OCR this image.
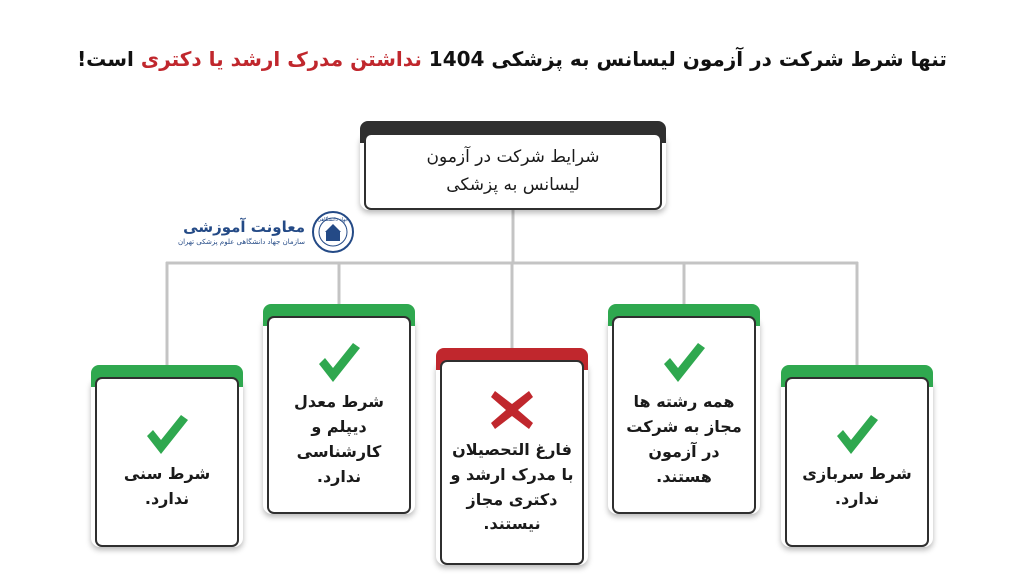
تنها شرط شرکت در آزمون لیسانس به پزشکی 1404 نداشتن مدرک ارشد یا دکتری است!
شرایط شرکت در آزمون
لیسانس به پزشکی
جهاد دانشگاهی
معاونت آموزشی
سازمان جهاد دانشگاهی علوم پزشکی تهران
شرط سنی
ندارد.
شرط معدل
دیپلم و
کارشناسی
ندارد.
فارغ التحصیلان
با مدرک ارشد و
دکتری مجاز
نیستند.
همه رشته ها
مجاز به شرکت
در آزمون
هستند.	شرط سربازی
ندارد.
